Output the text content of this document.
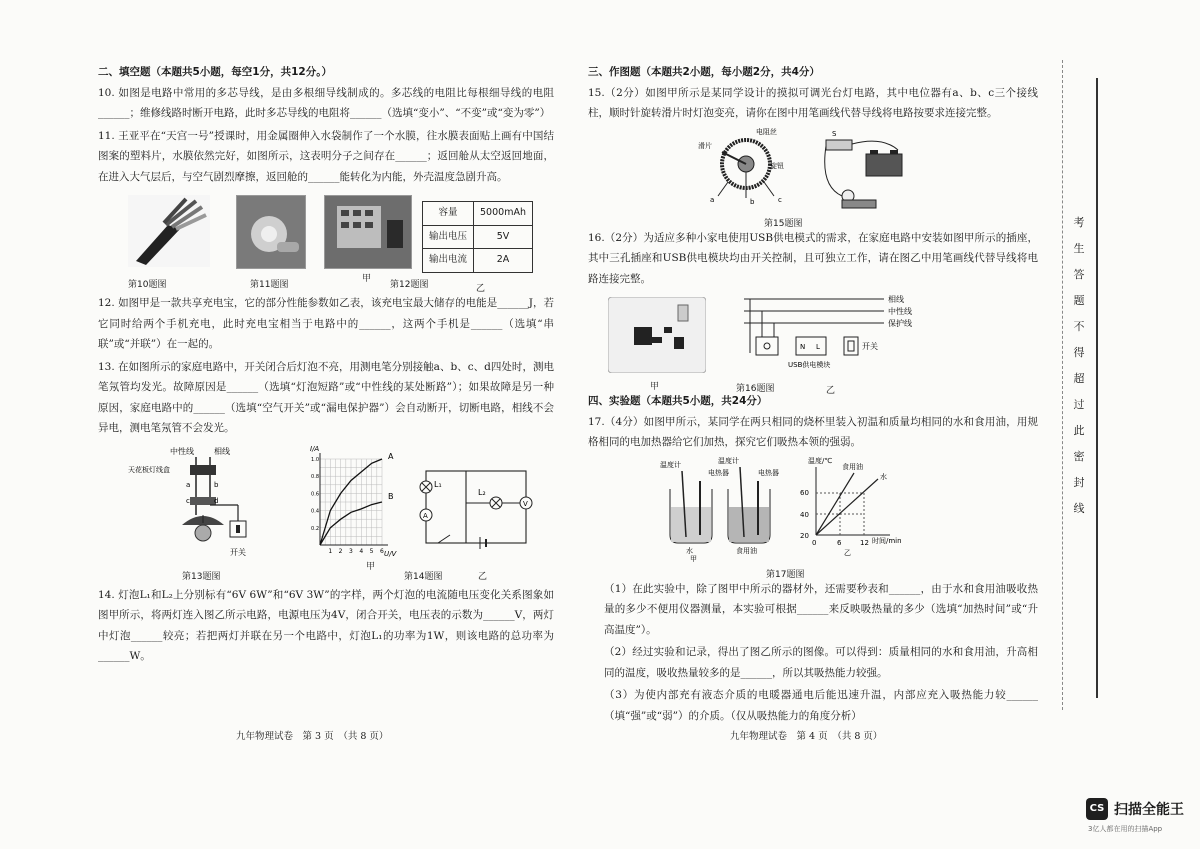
二、填空题（本题共5小题，每空1分，共12分。）

10. 如图是电路中常用的多芯导线，是由多根细导线制成的。多芯线的电阻比每根细导线的电阻______；维修线路时断开电路，此时多芯导线的电阻将______（选填“变小”、“不变”或“变为零”）

11. 王亚平在“天宫一号”授课时，用金属圈伸入水袋制作了一个水膜，往水膜表面贴上画有中国结图案的塑料片，水膜依然完好，如图所示，这表明分子之间存在______；返回舱从太空返回地面，在进入大气层后，与空气剧烈摩擦，返回舱的______能转化为内能，外壳温度急剧升高。

容量	5000mAh
输出电压	5V
输出电流	2A
第10题图	第11题图
甲
第12题图	乙

12. 如图甲是一款共享充电宝，它的部分性能参数如乙表，该充电宝最大储存的电能是______J，若它同时给两个手机充电，此时充电宝相当于电路中的______，这两个手机是______（选填“串联”或“并联”）在一起的。

13. 在如图所示的家庭电路中，开关闭合后灯泡不亮，用测电笔分别接触a、b、c、d四处时，测电笔氖管均发光。故障原因是______（选填“灯泡短路”或“中性线的某处断路”）；如果故障是另一种原因，家庭电路中的______（选填“空气开关”或“漏电保护器”）会自动断开，切断电路，相线不会异电，测电笔氖管不会发光。

中性线	相线
天花板灯线盒
a	b
c	d
开关	1 2 3 4 5 6
0.2
0.4
0.6
0.8
1.0
I/A
U/V
A
B
L₁
A
L₂
V
第13题图
甲
第14题图	乙

14. 灯泡L₁和L₂上分别标有“6V 6W”和“6V 3W”的字样，两个灯泡的电流随电压变化关系图象如图甲所示，将两灯连入图乙所示电路，电源电压为4V，闭合开关，电压表的示数为______V，两灯中灯泡______较亮；若把两灯并联在另一个电路中，灯泡L₁的功率为1W，则该电路的总功率为______W。

九年物理试卷　第 3 页　（共 8 页）

三、作图题（本题共2小题，每小题2分，共4分）

15.（2分）如图甲所示是某同学设计的摸拟可调光台灯电路，其中电位器有a、b、c三个接线柱，顺时针旋转滑片时灯泡变亮，请你在图中用笔画线代替导线将电路按要求连接完整。

滑片
电阻丝
旋钮
a	b	c
S
第15题图

16.（2分）为适应多种小家电使用USB供电模式的需求，在家庭电路中安装如图甲所示的插座，其中三孔插座和USB供电模块均由开关控制，且可独立工作，请在图乙中用笔画线代替导线将电路连接完整。

相线
中性线
保护线
N L
USB供电模块
开关
甲	第16题图	乙

四、实验题（本题共5小题，共24分）

17.（4分）如图甲所示，某同学在两只相同的烧杯里装入初温和质量均相同的水和食用油，用规格相同的电加热器给它们加热，探究它们吸热本领的强弱。

温度计	温度计
电热器	电热器
水	食用油
甲
温度/℃
60
40
20
0	6	12 时间/min
食用油
水
乙
第17题图

（1）在此实验中，除了图甲中所示的器材外，还需要秒表和______，由于水和食用油吸收热量的多少不便用仪器测量，本实验可根据______来反映吸热量的多少（选填“加热时间”或“升高温度”）。

（2）经过实验和记录，得出了图乙所示的图像。可以得到：质量相同的水和食用油，升高相同的温度，吸收热量较多的是______，所以其吸热能力较强。

（3）为使内部充有液态介质的电暖器通电后能迅速升温，内部应充入吸热能力较______（填“强”或“弱”）的介质。（仅从吸热能力的角度分析）

九年物理试卷　第 4 页　（共 8 页）
考
生
答
题
不
得
超
过
此
密
封
线
CS 扫描全能王
3亿人都在用的扫描App
